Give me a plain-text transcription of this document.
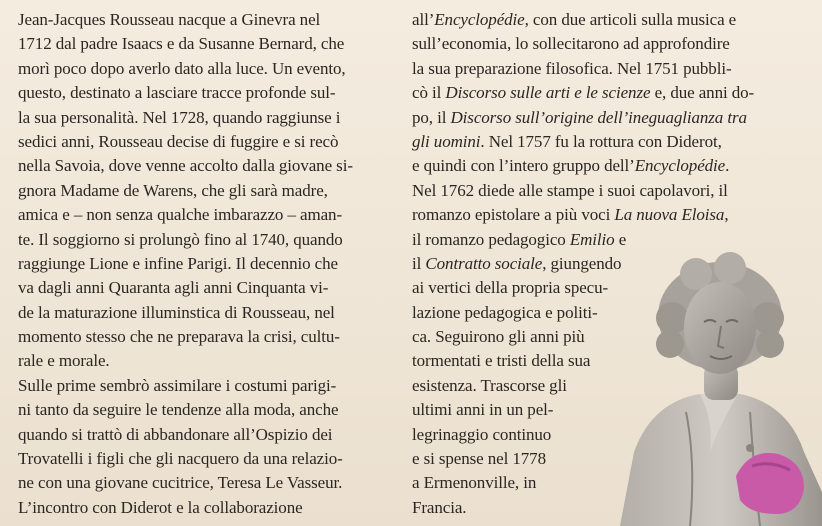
Jean-Jacques Rousseau nacque a Ginevra nel
1712 dal padre Isaacs e da Susanne Bernard, che
morì poco dopo averlo dato alla luce. Un evento,
questo, destinato a lasciare tracce profonde sul-
la sua personalità. Nel 1728, quando raggiunse i
sedici anni, Rousseau decise di fuggire e si recò
nella Savoia, dove venne accolto dalla giovane si-
gnora Madame de Warens, che gli sarà madre,
amica e – non senza qualche imbarazzo – aman-
te. Il soggiorno si prolungò fino al 1740, quando
raggiunge Lione e infine Parigi. Il decennio che
va dagli anni Quaranta agli anni Cinquanta vi-
de la maturazione illuminstica di Rousseau, nel
momento stesso che ne preparava la crisi, cultu-
rale e morale.
Sulle prime sembrò assimilare i costumi parigi-
ni tanto da seguire le tendenze alla moda, anche
quando si trattò di abbandonare all’Ospizio dei
Trovatelli i figli che gli nacquero da una relazio-
ne con una giovane cucitrice, Teresa Le Vasseur.
L’incontro con Diderot e la collaborazione
all’Encyclopédie, con due articoli sulla musica e
sull’economia, lo sollecitarono ad approfondire
la sua preparazione filosofica. Nel 1751 pubbli-
cò il Discorso sulle arti e le scienze e, due anni do-
po, il Discorso sull’origine dell’ineguaglianza tra
gli uomini. Nel 1757 fu la rottura con Diderot,
e quindi con l’intero gruppo dell’Encyclopédie.
Nel 1762 diede alle stampe i suoi capolavori, il
romanzo epistolare a più voci La nuova Eloisa,
il romanzo pedagogico Emilio e
il Contratto sociale, giungendo
ai vertici della propria specu-
lazione pedagogica e politi-
ca. Seguirono gli anni più
tormentati e tristi della sua
esistenza. Trascorse gli
ultimi anni in un pel-
legrinaggio continuo
e si spense nel 1778
a Ermenonville, in
Francia.
